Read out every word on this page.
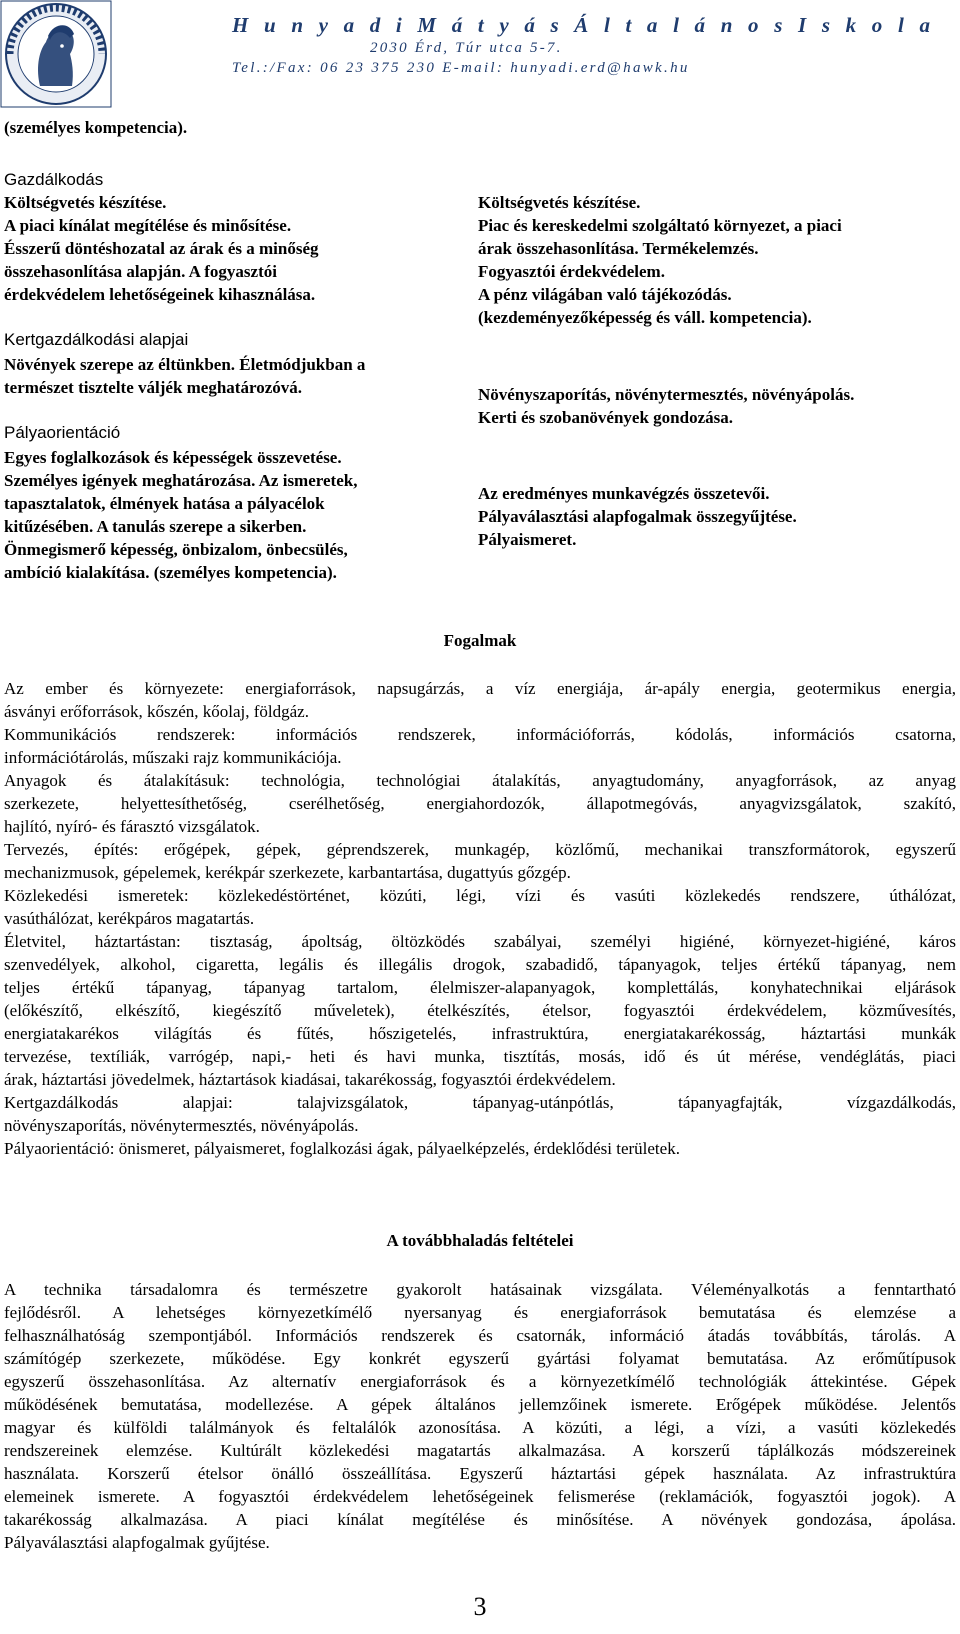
H u n y a d i M á t y á s Á l t a l á n o s I s k o l a
2030 Érd, Túr utca 5-7.
Tel.:/Fax: 06 23 375 230 E-mail: hunyadi.erd@hawk.hu
(személyes kompetencia).
Gazdálkodás
Költségvetés készítése.
A piaci kínálat megítélése és minősítése.
Ésszerű döntéshozatal az árak és a minőség
összehasonlítása alapján. A fogyasztói
érdekvédelem lehetőségeinek kihasználása.
Kertgazdálkodási alapjai
Növények szerepe az éltünkben. Életmódjukban a
természet tisztelte váljék meghatározóvá.
Pályaorientáció
Egyes foglalkozások és képességek összevetése.
Személyes igények meghatározása. Az ismeretek,
tapasztalatok, élmények hatása a pályacélok
kitűzésében. A tanulás szerepe a sikerben.
Önmegismerő képesség, önbizalom, önbecsülés,
ambíció kialakítása. (személyes kompetencia).
Költségvetés készítése.
Piac és kereskedelmi szolgáltató környezet, a piaci
árak összehasonlítása. Termékelemzés.
Fogyasztói érdekvédelem.
A pénz világában való tájékozódás.
(kezdeményezőképesség és váll. kompetencia).
Növényszaporítás, növénytermesztés, növényápolás.
Kerti és szobanövények gondozása.
Az eredményes munkavégzés összetevői.
Pályaválasztási alapfogalmak összegyűjtése.
Pályaismeret.
Fogalmak
Az ember és környezete: energiaforrások, napsugárzás, a víz energiája, ár-apály energia, geotermikus energia,
ásványi erőforrások, kőszén, kőolaj, földgáz.
Kommunikációs rendszerek: információs rendszerek, információforrás, kódolás, információs csatorna,
információtárolás, műszaki rajz kommunikációja.
Anyagok és átalakításuk: technológia, technológiai átalakítás, anyagtudomány, anyagforrások, az anyag
szerkezete, helyettesíthetőség, cserélhetőség, energiahordozók, állapotmegóvás, anyagvizsgálatok, szakító,
hajlító, nyíró- és fárasztó vizsgálatok.
Tervezés, építés: erőgépek, gépek, géprendszerek, munkagép, közlőmű, mechanikai transzformátorok, egyszerű
mechanizmusok, gépelemek, kerékpár szerkezete, karbantartása, dugattyús gőzgép.
Közlekedési ismeretek: közlekedéstörténet, közúti, légi, vízi és vasúti közlekedés rendszere, úthálózat,
vasúthálózat, kerékpáros magatartás.
Életvitel, háztartástan: tisztaság, ápoltság, öltözködés szabályai, személyi higiéné, környezet-higiéné, káros
szenvedélyek, alkohol, cigaretta, legális és illegális drogok, szabadidő, tápanyagok, teljes értékű tápanyag, nem
teljes értékű tápanyag, tápanyag tartalom, élelmiszer-alapanyagok, komplettálás, konyhatechnikai eljárások
(előkészítő, elkészítő, kiegészítő műveletek), ételkészítés, ételsor, fogyasztói érdekvédelem, közművesítés,
energiatakarékos világítás és fűtés, hőszigetelés, infrastruktúra, energiatakarékosság, háztartási munkák
tervezése, textíliák, varrógép, napi,- heti és havi munka, tisztítás, mosás, idő és út mérése, vendéglátás, piaci
árak, háztartási jövedelmek, háztartások kiadásai, takarékosság, fogyasztói érdekvédelem.
Kertgazdálkodás alapjai: talajvizsgálatok, tápanyag-utánpótlás, tápanyagfajták, vízgazdálkodás,
növényszaporítás, növénytermesztés, növényápolás.
Pályaorientáció: önismeret, pályaismeret, foglalkozási ágak, pályaelképzelés, érdeklődési területek.
A továbbhaladás feltételei
A technika társadalomra és természetre gyakorolt hatásainak vizsgálata. Véleményalkotás a fenntartható
fejlődésről. A lehetséges környezetkímélő nyersanyag és energiaforrások bemutatása és elemzése a
felhasználhatóság szempontjából. Információs rendszerek és csatornák, információ átadás továbbítás, tárolás. A
számítógép szerkezete, működése. Egy konkrét egyszerű gyártási folyamat bemutatása. Az erőműtípusok
egyszerű összehasonlítása. Az alternatív energiaforrások és a környezetkímélő technológiák áttekintése. Gépek
működésének bemutatása, modellezése. A gépek általános jellemzőinek ismerete. Erőgépek működése. Jelentős
magyar és külföldi találmányok és feltalálók azonosítása. A közúti, a légi, a vízi, a vasúti közlekedés
rendszereinek elemzése. Kultúrált közlekedési magatartás alkalmazása. A korszerű táplálkozás módszereinek
használata. Korszerű ételsor önálló összeállítása. Egyszerű háztartási gépek használata. Az infrastruktúra
elemeinek ismerete. A fogyasztói érdekvédelem lehetőségeinek felismerése (reklamációk, fogyasztói jogok). A
takarékosság alkalmazása. A piaci kínálat megítélése és minősítése. A növények gondozása, ápolása.
Pályaválasztási alapfogalmak gyűjtése.
3
